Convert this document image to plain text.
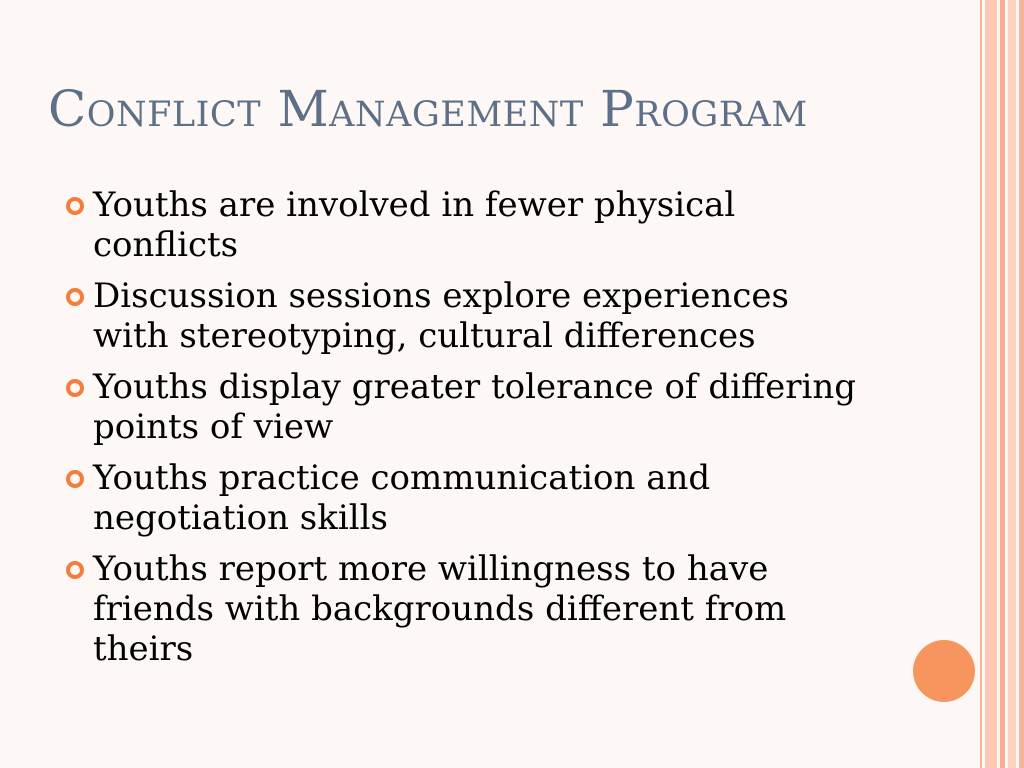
Conflict Management Program
Youths are involved in fewer physical conflicts
Discussion sessions explore experiences with stereotyping, cultural differences
Youths display greater tolerance of differing points of view
Youths practice communication and negotiation skills
Youths report more willingness to have friends with backgrounds different from theirs
